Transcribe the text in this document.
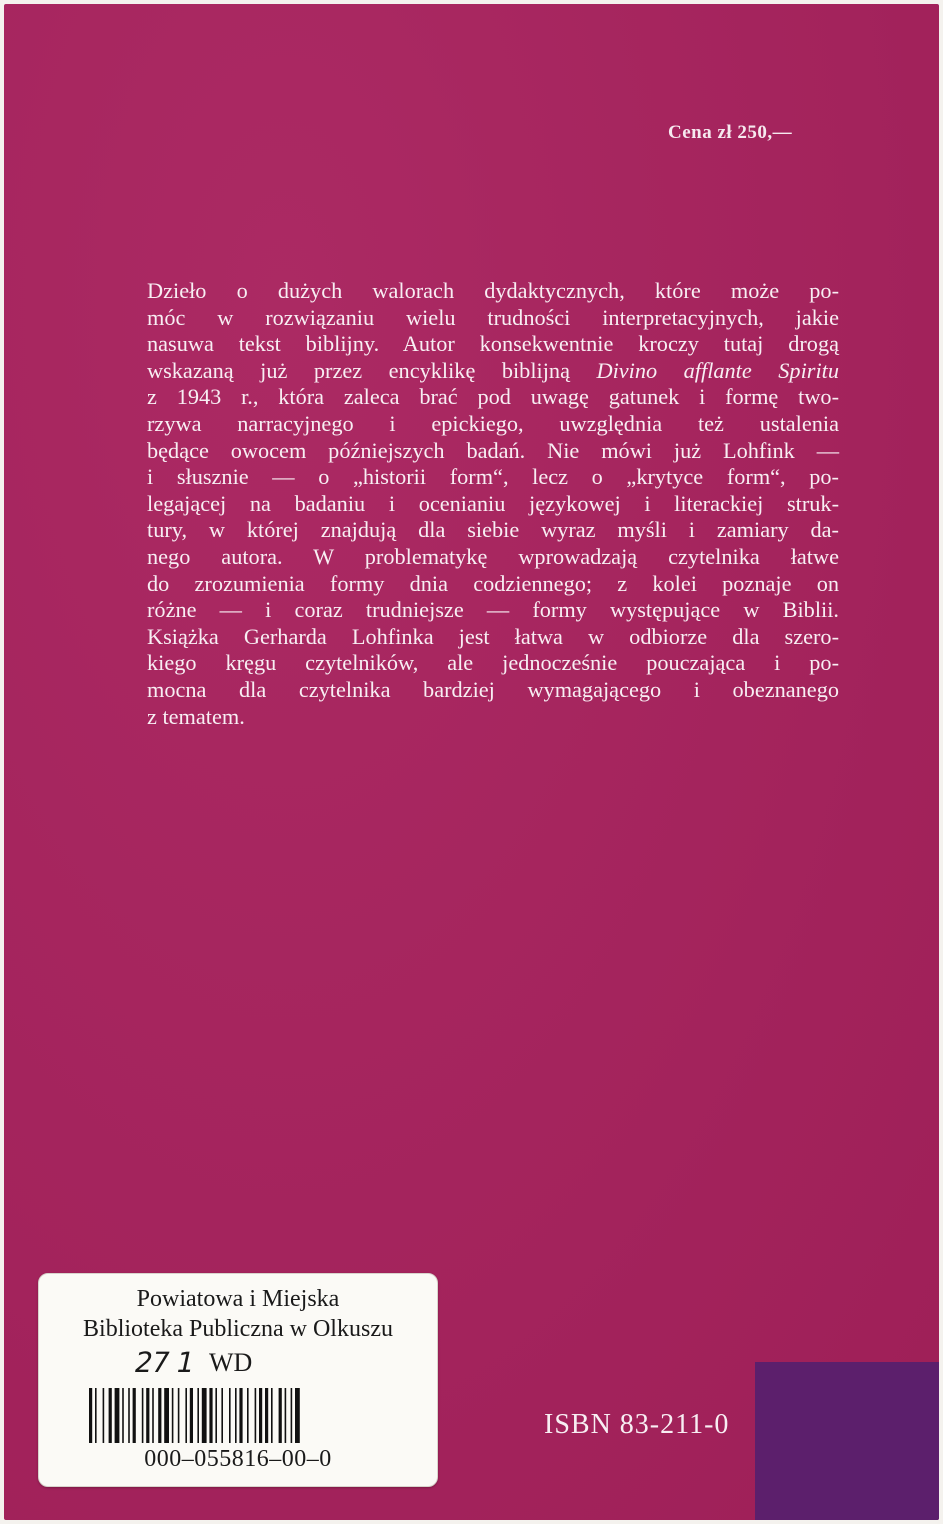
Cena zł 250,—
Dzieło o dużych walorach dydaktycznych, które może po-
móc w rozwiązaniu wielu trudności interpretacyjnych, jakie
nasuwa tekst biblijny. Autor konsekwentnie kroczy tutaj drogą
wskazaną już przez encyklikę biblijną Divino afflante Spiritu
z 1943 r., która zaleca brać pod uwagę gatunek i formę two-
rzywa narracyjnego i epickiego, uwzględnia też ustalenia
będące owocem późniejszych badań. Nie mówi już Lohfink —
i słusznie — o „historii form“, lecz o „krytyce form“, po-
legającej na badaniu i ocenianiu językowej i literackiej struk-
tury, w której znajdują dla siebie wyraz myśli i zamiary da-
nego autora. W problematykę wprowadzają czytelnika łatwe
do zrozumienia formy dnia codziennego; z kolei poznaje on
różne — i coraz trudniejsze — formy występujące w Biblii.
Książka Gerharda Lohfinka jest łatwa w odbiorze dla szero-
kiego kręgu czytelników, ale jednocześnie pouczająca i po-
mocna dla czytelnika bardziej wymagającego i obeznanego
z tematem.
ISBN 83-211-0
Powiatowa i Miejska
Biblioteka Publiczna w Olkuszu
27 1 WD
000–055816–00–0
